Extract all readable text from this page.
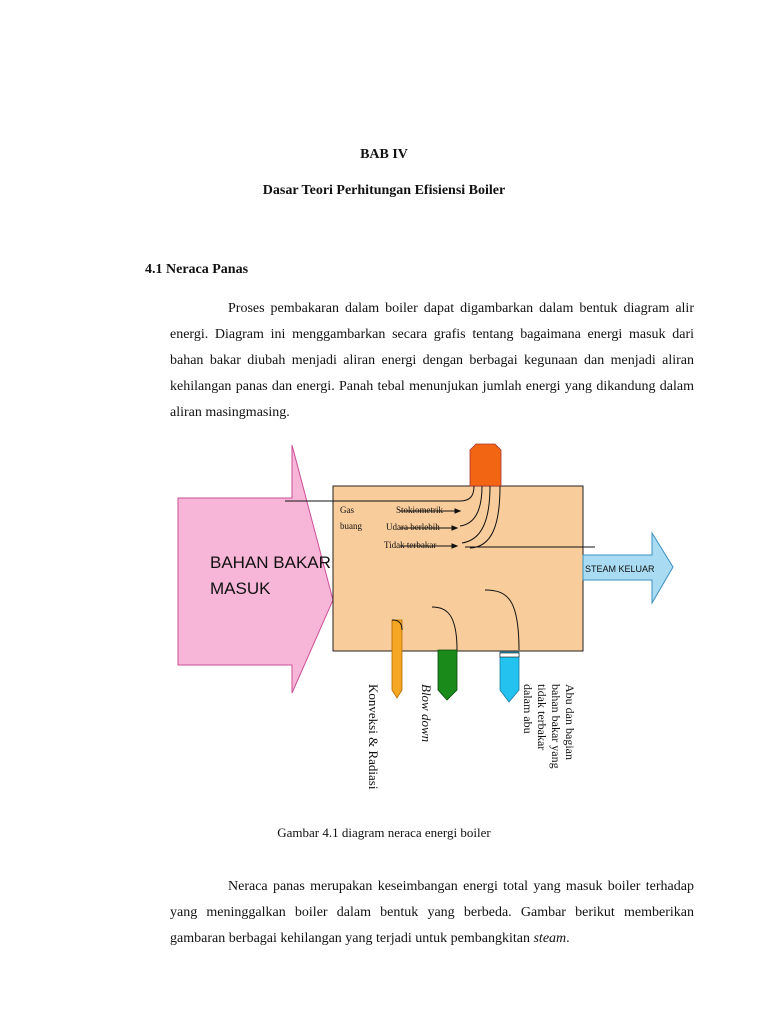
BAB IV
Dasar Teori Perhitungan Efisiensi Boiler
4.1 Neraca Panas

Proses pembakaran dalam boiler dapat digambarkan dalam bentuk diagram alir energi. Diagram ini menggambarkan secara grafis tentang bagaimana energi masuk dari bahan bakar diubah menjadi aliran energi dengan berbagai kegunaan dan menjadi aliran kehilangan panas dan energi. Panah tebal menunjukan jumlah energi yang dikandung dalam aliran masingmasing.

BAHAN BAKAR
MASUK
Gas
buang
Stokiometrik
Udara berlebih
Tidak terbakar
STEAM KELUAR
Konveksi & Radiasi	Blow down	Abu dan bagian
bahan bakar yang
tidak terbakar
dalam abu
Gambar 4.1 diagram neraca energi boiler

Neraca panas merupakan keseimbangan energi total yang masuk boiler terhadap yang meninggalkan boiler dalam bentuk yang berbeda. Gambar berikut memberikan gambaran berbagai kehilangan yang terjadi untuk pembangkitan steam.
